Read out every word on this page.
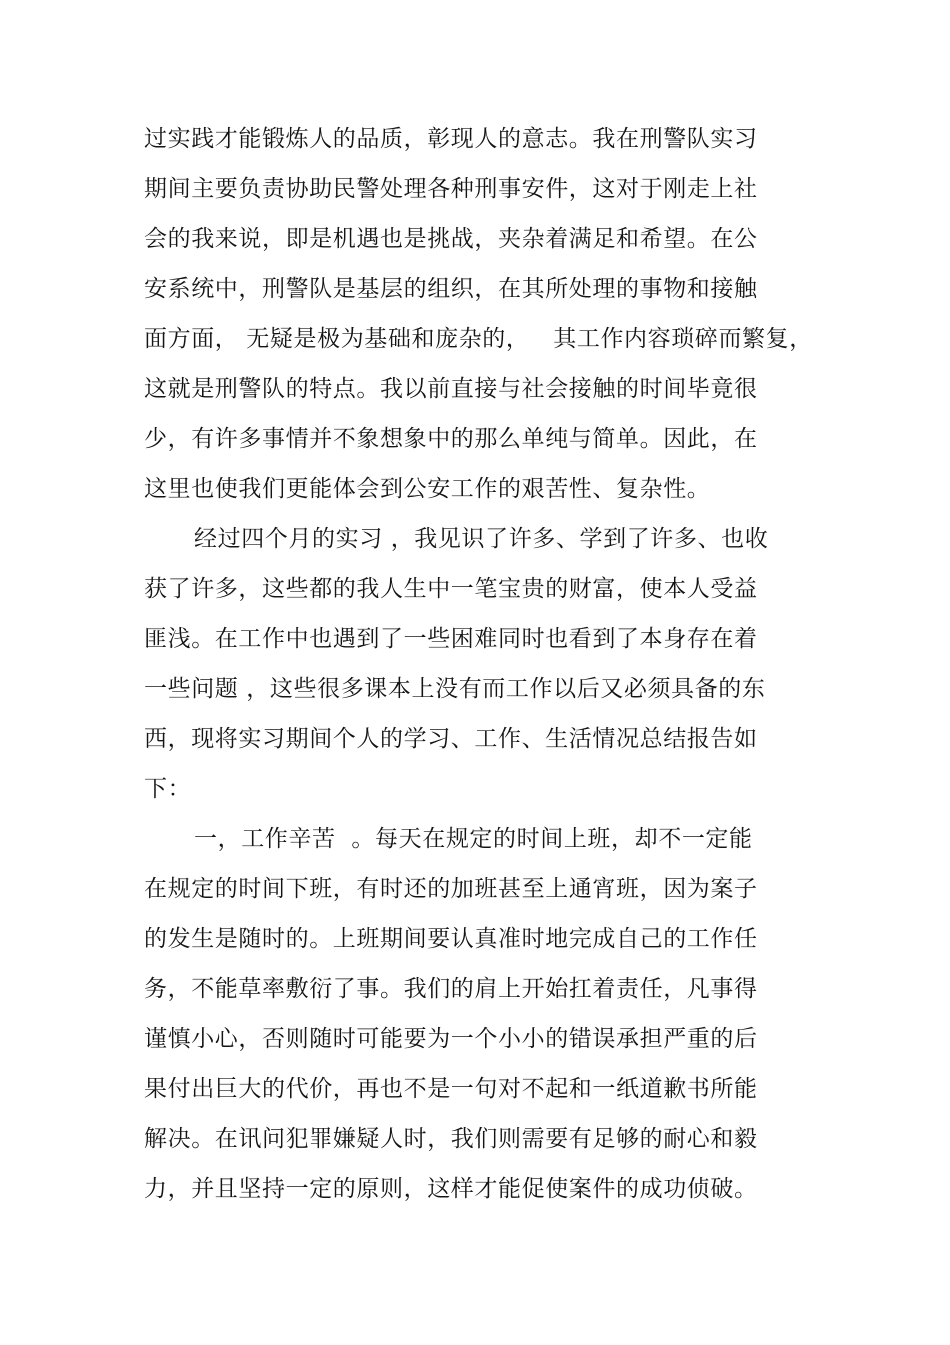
过实践才能锻炼人的品质，彰现人的意志。我在刑警队实习
期间主要负责协助民警处理各种刑事安件，这对于刚走上社
会的我来说，即是机遇也是挑战，夹杂着满足和希望。在公
安系统中，刑警队是基层的组织，在其所处理的事物和接触
面方面， 无疑是极为基础和庞杂的，   其工作内容琐碎而繁复，
这就是刑警队的特点。我以前直接与社会接触的时间毕竟很
少，有许多事情并不象想象中的那么单纯与简单。因此，在
这里也使我们更能体会到公安工作的艰苦性、复杂性。
经过四个月的实习 ，我见识了许多、学到了许多、也收
获了许多，这些都的我人生中一笔宝贵的财富，使本人受益
匪浅。在工作中也遇到了一些困难同时也看到了本身存在着
一些问题 ，这些很多课本上没有而工作以后又必须具备的东
西，现将实习期间个人的学习、工作、生活情况总结报告如
下：
一，工作辛苦  。每天在规定的时间上班，却不一定能
在规定的时间下班，有时还的加班甚至上通宵班，因为案子
的发生是随时的。上班期间要认真准时地完成自己的工作任
务，不能草率敷衍了事。我们的肩上开始扛着责任，凡事得
谨慎小心，否则随时可能要为一个小小的错误承担严重的后
果付出巨大的代价，再也不是一句对不起和一纸道歉书所能
解决。在讯问犯罪嫌疑人时，我们则需要有足够的耐心和毅
力，并且坚持一定的原则，这样才能促使案件的成功侦破。
